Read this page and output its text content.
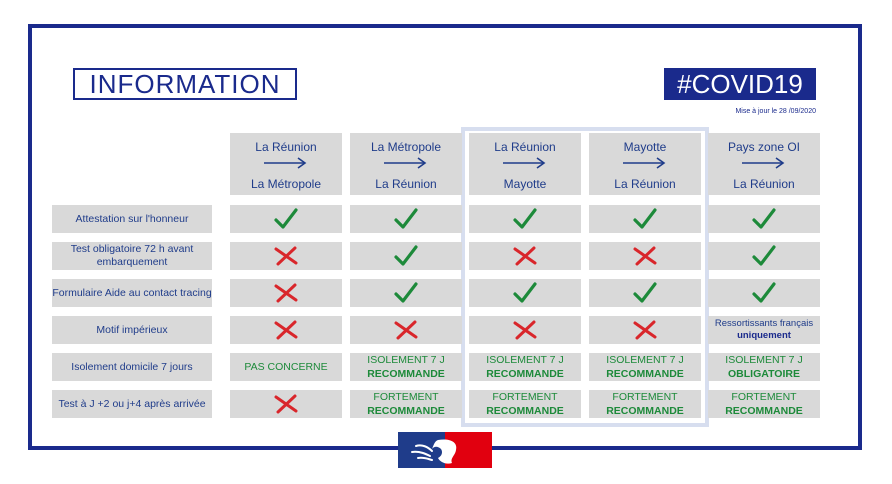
INFORMATION	#COVID19
Mise à jour le 28 /09/2020
La Réunion
La Métropole
La Métropole
La Réunion
La Réunion
Mayotte
Mayotte
La Réunion
Pays zone OI
La Réunion
Attestation sur l'honneur
Test obligatoire 72 h avant embarquement
Formulaire Aide au contact tracing
Motif impérieux
Isolement domicile 7 jours
Test à J +2 ou j+4 après arrivée
Ressortissants français
uniquement
PAS CONCERNE
ISOLEMENT 7 J
RECOMMANDE
ISOLEMENT 7 J
RECOMMANDE
ISOLEMENT 7 J
RECOMMANDE
ISOLEMENT 7 J
OBLIGATOIRE
FORTEMENT
RECOMMANDE
FORTEMENT
RECOMMANDE
FORTEMENT
RECOMMANDE
FORTEMENT
RECOMMANDE
